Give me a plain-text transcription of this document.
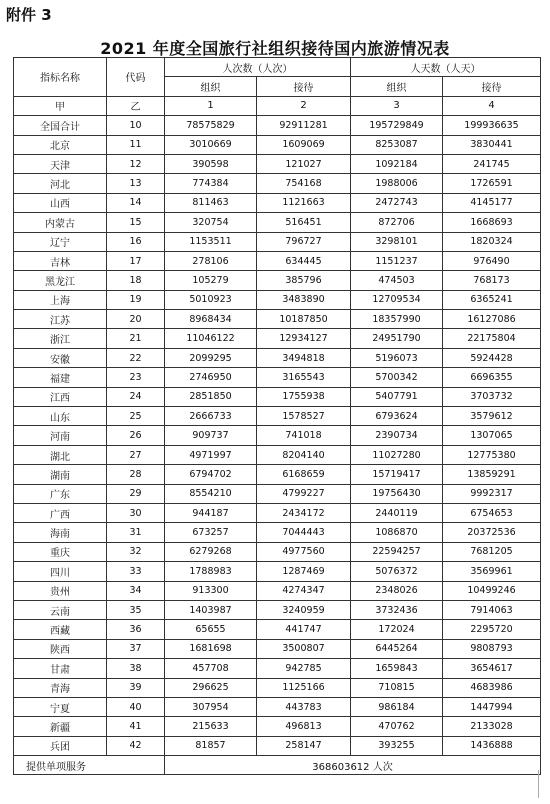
附件 3
2021 年度全国旅行社组织接待国内旅游情况表
指标名称	代码	人次数（人次）		人天数（人天）	
		组织	接待	组织	接待
甲	乙	1	2	3	4
全国合计	10	78575829	92911281	195729849	199936635
北京	11	3010669	1609069	8253087	3830441
天津	12	390598	121027	1092184	241745
河北	13	774384	754168	1988006	1726591
山西	14	811463	1121663	2472743	4145177
内蒙古	15	320754	516451	872706	1668693
辽宁	16	1153511	796727	3298101	1820324
吉林	17	278106	634445	1151237	976490
黑龙江	18	105279	385796	474503	768173
上海	19	5010923	3483890	12709534	6365241
江苏	20	8968434	10187850	18357990	16127086
浙江	21	11046122	12934127	24951790	22175804
安徽	22	2099295	3494818	5196073	5924428
福建	23	2746950	3165543	5700342	6696355
江西	24	2851850	1755938	5407791	3703732
山东	25	2666733	1578527	6793624	3579612
河南	26	909737	741018	2390734	1307065
湖北	27	4971997	8204140	11027280	12775380
湖南	28	6794702	6168659	15719417	13859291
广东	29	8554210	4799227	19756430	9992317
广西	30	944187	2434172	2440119	6754653
海南	31	673257	7044443	1086870	20372536
重庆	32	6279268	4977560	22594257	7681205
四川	33	1788983	1287469	5076372	3569961
贵州	34	913300	4274347	2348026	10499246
云南	35	1403987	3240959	3732436	7914063
西藏	36	65655	441747	172024	2295720
陕西	37	1681698	3500807	6445264	9808793
甘肃	38	457708	942785	1659843	3654617
青海	39	296625	1125166	710815	4683986
宁夏	40	307954	443783	986184	1447994
新疆	41	215633	496813	470762	2133028
兵团	42	81857	258147	393255	1436888
提供单项服务		368603612 人次			
